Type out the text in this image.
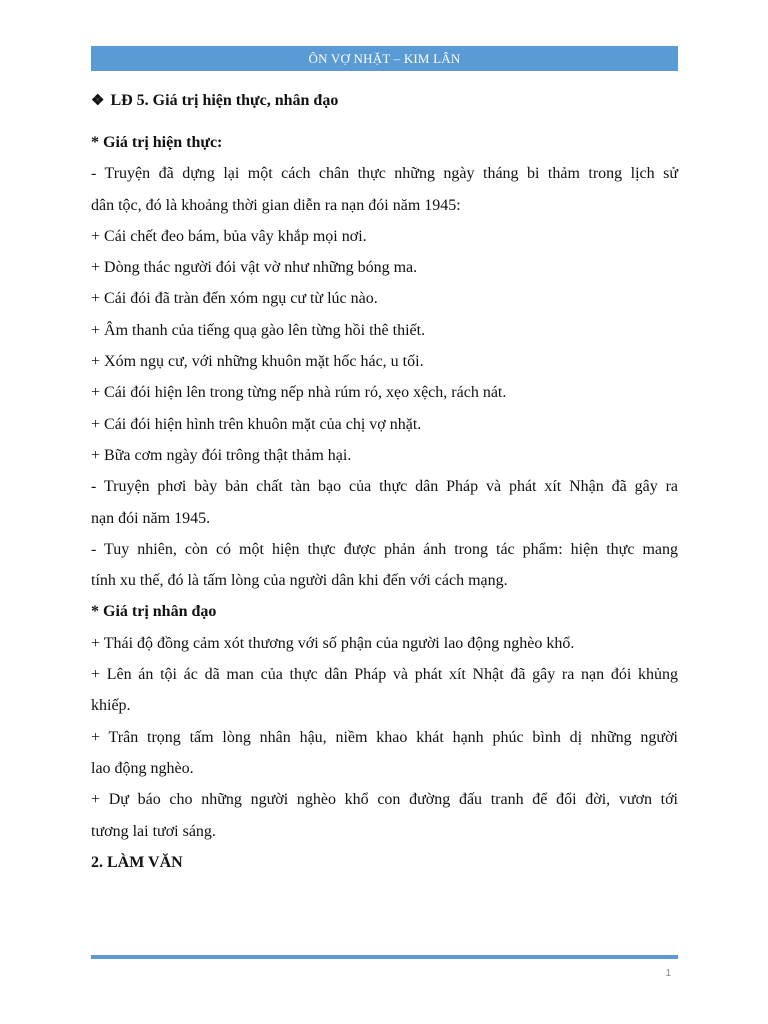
ÔN VỢ NHẶT – KIM LÂN
❖ LĐ 5. Giá trị hiện thực, nhân đạo
* Giá trị hiện thực:

- Truyện đã dựng lại một cách chân thực những ngày tháng bi thảm trong lịch sử

dân tộc, đó là khoảng thời gian diễn ra nạn đói năm 1945:

+ Cái chết đeo bám, bủa vây khắp mọi nơi.

+ Dòng thác người đói vật vờ như những bóng ma.

+ Cái đói đã tràn đến xóm ngụ cư từ lúc nào.

+ Âm thanh của tiếng quạ gào lên từng hồi thê thiết.

+ Xóm ngụ cư, với những khuôn mặt hốc hác, u tối.

+ Cái đói hiện lên trong từng nếp nhà rúm ró, xẹo xệch, rách nát.

+ Cái đói hiện hình trên khuôn mặt của chị vợ nhặt.

+ Bữa cơm ngày đói trông thật thảm hại.

- Truyện phơi bày bản chất tàn bạo của thực dân Pháp và phát xít Nhận đã gây ra

nạn đói năm 1945.

- Tuy nhiên, còn có một hiện thực được phản ánh trong tác phẩm: hiện thực mang

tính xu thế, đó là tấm lòng của người dân khi đến với cách mạng.

* Giá trị nhân đạo

+ Thái độ đồng cảm xót thương với số phận của người lao động nghèo khổ.

+ Lên án tội ác dã man của thực dân Pháp và phát xít Nhật đã gây ra nạn đói khủng

khiếp.

+ Trân trọng tấm lòng nhân hậu, niềm khao khát hạnh phúc bình dị những người

lao động nghèo.

+ Dự báo cho những người nghèo khổ con đường đấu tranh để đổi đời, vươn tới

tương lai tươi sáng.

2. LÀM VĂN
1
